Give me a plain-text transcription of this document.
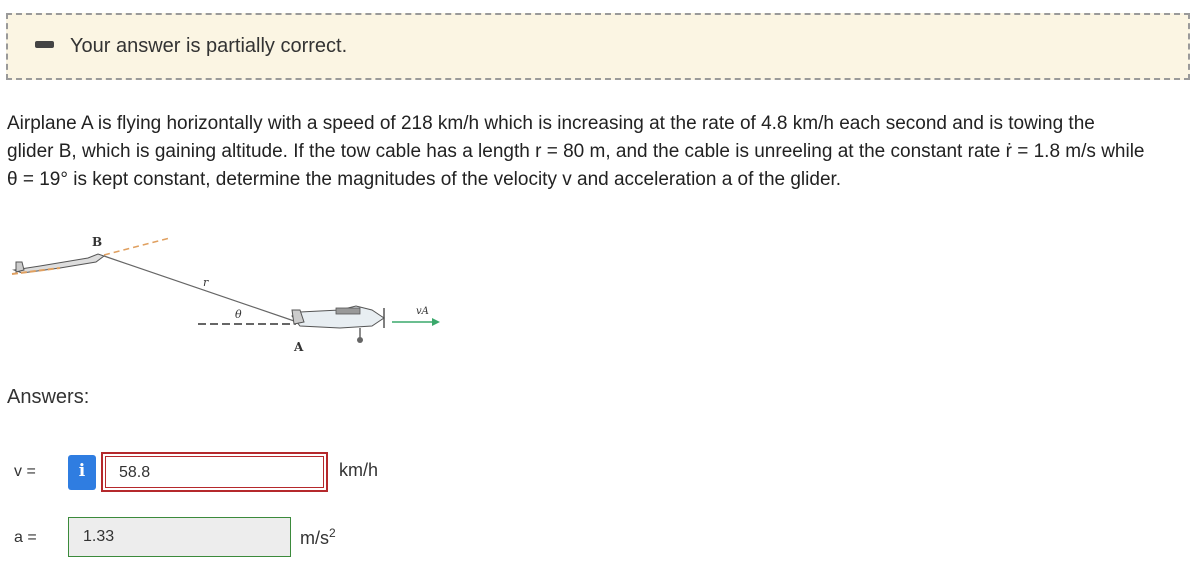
Your answer is partially correct.
Airplane A is flying horizontally with a speed of 218 km/h which is increasing at the rate of 4.8 km/h each second and is towing the
glider B, which is gaining altitude. If the tow cable has a length r = 80 m, and the cable is unreeling at the constant rate ṙ = 1.8 m/s while
θ = 19° is kept constant, determine the magnitudes of the velocity v and acceleration a of the glider.
B
r
θ
A
vA
Answers:
v =	i	58.8	km/h
a =	1.33	$m/s^2$
